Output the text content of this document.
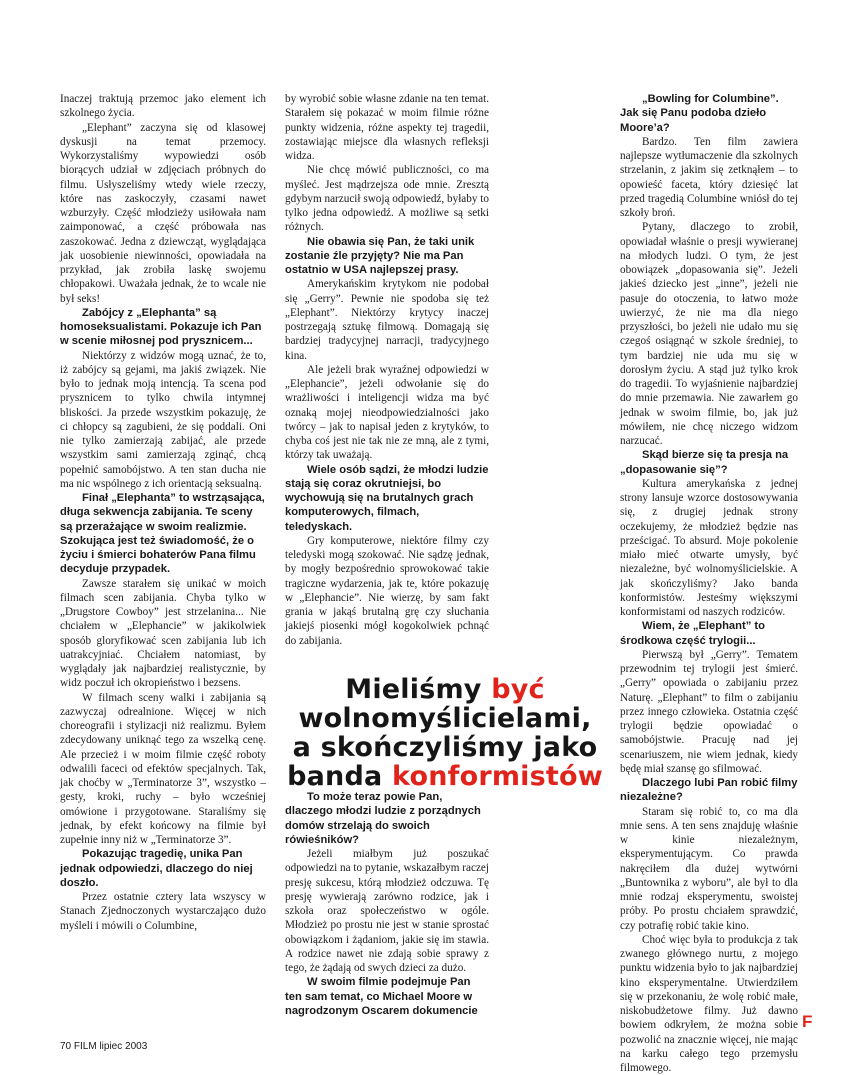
Inaczej traktują przemoc jako element ich szkolnego życia.

„Elephant” zaczyna się od klasowej dyskusji na temat przemocy. Wykorzystaliśmy wypowiedzi osób biorących udział w zdjęciach próbnych do filmu. Usłyszeliśmy wtedy wiele rzeczy, które nas zaskoczyły, czasami nawet wzburzyły. Część młodzieży usiłowała nam zaimponować, a część próbowała nas zaszokować. Jedna z dziewcząt, wyglądająca jak uosobienie niewinności, opowiadała na przykład, jak zrobiła laskę swojemu chłopakowi. Uważała jednak, że to wcale nie był seks!

Zabójcy z „Elephanta” są homoseksualistami. Pokazuje ich Pan w scenie miłosnej pod prysznicem...

Niektórzy z widzów mogą uznać, że to, iż zabójcy są gejami, ma jakiś związek. Nie było to jednak moją intencją. Ta scena pod prysznicem to tylko chwila intymnej bliskości. Ja przede wszystkim pokazuję, że ci chłopcy są zagubieni, że się poddali. Oni nie tylko zamierzają zabijać, ale przede wszystkim sami zamierzają zginąć, chcą popełnić samobójstwo. A ten stan ducha nie ma nic wspólnego z ich orientacją seksualną.

Finał „Elephanta” to wstrząsająca, długa sekwencja zabijania. Te sceny są przerażające w swoim realizmie. Szokująca jest też świadomość, że o życiu i śmierci bohaterów Pana filmu decyduje przypadek.

Zawsze starałem się unikać w moich filmach scen zabijania. Chyba tylko w „Drugstore Cowboy” jest strzelanina... Nie chciałem w „Elephancie” w jakikolwiek sposób gloryfikować scen zabijania lub ich uatrakcyjniać. Chciałem natomiast, by wyglądały jak najbardziej realistycznie, by widz poczuł ich okropieństwo i bezsens.

W filmach sceny walki i zabijania są zazwyczaj odrealnione. Więcej w nich choreografii i stylizacji niż realizmu. Byłem zdecydowany uniknąć tego za wszelką cenę. Ale przecież i w moim filmie część roboty odwalili faceci od efektów specjalnych. Tak, jak choćby w „Terminatorze 3”, wszystko – gesty, kroki, ruchy – było wcześniej omówione i przygotowane. Staraliśmy się jednak, by efekt końcowy na filmie był zupełnie inny niż w „Terminatorze 3”.

Pokazując tragedię, unika Pan jednak odpowiedzi, dlaczego do niej doszło.

Przez ostatnie cztery lata wszyscy w Stanach Zjednoczonych wystarczająco dużo myśleli i mówili o Columbine,

by wyrobić sobie własne zdanie na ten temat. Starałem się pokazać w moim filmie różne punkty widzenia, różne aspekty tej tragedii, zostawiając miejsce dla własnych refleksji widza.

Nie chcę mówić publiczności, co ma myśleć. Jest mądrzejsza ode mnie. Zresztą gdybym narzucił swoją odpowiedź, byłaby to tylko jedna odpowiedź. A możliwe są setki różnych.

Nie obawia się Pan, że taki unik zostanie źle przyjęty? Nie ma Pan ostatnio w USA najlepszej prasy.

Amerykańskim krytykom nie podobał się „Gerry”. Pewnie nie spodoba się też „Elephant”. Niektórzy krytycy inaczej postrzegają sztukę filmową. Domagają się bardziej tradycyjnej narracji, tradycyjnego kina.

Ale jeżeli brak wyraźnej odpowiedzi w „Elephancie”, jeżeli odwołanie się do wrażliwości i inteligencji widza ma być oznaką mojej nieodpowiedzialności jako twórcy – jak to napisał jeden z krytyków, to chyba coś jest nie tak nie ze mną, ale z tymi, którzy tak uważają.

Wiele osób sądzi, że młodzi ludzie stają się coraz okrutniejsi, bo wychowują się na brutalnych grach komputerowych, filmach, teledyskach.

Gry komputerowe, niektóre filmy czy teledyski mogą szokować. Nie sądzę jednak, by mogły bezpośrednio sprowokować takie tragiczne wydarzenia, jak te, które pokazuję w „Elephancie”. Nie wierzę, by sam fakt grania w jakąś brutalną grę czy słuchania jakiejś piosenki mógł kogokolwiek pchnąć do zabijania.

To może teraz powie Pan, dlaczego młodzi ludzie z porządnych domów strzelają do swoich rówieśników?

Jeżeli miałbym już poszukać odpowiedzi na to pytanie, wskazałbym raczej presję sukcesu, którą młodzież odczuwa. Tę presję wywierają zarówno rodzice, jak i szkoła oraz społeczeństwo w ogóle. Młodzież po prostu nie jest w stanie sprostać obowiązkom i żądaniom, jakie się im stawia. A rodzice nawet nie zdają sobie sprawy z tego, że żądają od swych dzieci za dużo.

W swoim filmie podejmuje Pan ten sam temat, co Michael Moore w nagrodzonym Oscarem dokumencie

„Bowling for Columbine”. Jak się Panu podoba dzieło Moore’a?

Bardzo. Ten film zawiera najlepsze wytłumaczenie dla szkolnych strzelanin, z jakim się zetknąłem – to opowieść faceta, który dziesięć lat przed tragedią Columbine wniósł do tej szkoły broń.

Pytany, dlaczego to zrobił, opowiadał właśnie o presji wywieranej na młodych ludzi. O tym, że jest obowiązek „dopasowania się”. Jeżeli jakieś dziecko jest „inne”, jeżeli nie pasuje do otoczenia, to łatwo może uwierzyć, że nie ma dla niego przyszłości, bo jeżeli nie udało mu się czegoś osiągnąć w szkole średniej, to tym bardziej nie uda mu się w dorosłym życiu. A stąd już tylko krok do tragedii. To wyjaśnienie najbardziej do mnie przemawia. Nie zawarłem go jednak w swoim filmie, bo, jak już mówiłem, nie chcę niczego widzom narzucać.

Skąd bierze się ta presja na „dopasowanie się”?

Kultura amerykańska z jednej strony lansuje wzorce dostosowywania się, z drugiej jednak strony oczekujemy, że młodzież będzie nas prześcigać. To absurd. Moje pokolenie miało mieć otwarte umysły, być niezależne, być wolnomyślicielskie. A jak skończyliśmy? Jako banda konformistów. Jesteśmy większymi konformistami od naszych rodziców.

Wiem, że „Elephant” to środkowa część trylogii...

Pierwszą był „Gerry”. Tematem przewodnim tej trylogii jest śmierć. „Gerry” opowiada o zabijaniu przez Naturę. „Elephant” to film o zabijaniu przez innego człowieka. Ostatnia część trylogii będzie opowiadać o samobójstwie. Pracuję nad jej scenariuszem, nie wiem jednak, kiedy będę miał szansę go sfilmować.

Dlaczego lubi Pan robić filmy niezależne?

Staram się robić to, co ma dla mnie sens. A ten sens znajduję właśnie w kinie niezależnym, eksperymentującym. Co prawda nakręciłem dla dużej wytwórni „Buntownika z wyboru”, ale był to dla mnie rodzaj eksperymentu, swoistej próby. Po prostu chciałem sprawdzić, czy potrafię robić takie kino.

Choć więc była to produkcja z tak zwanego głównego nurtu, z mojego punktu widzenia było to jak najbardziej kino eksperymentalne. Utwierdziłem się w przekonaniu, że wolę robić małe, niskobudżetowe filmy. Już dawno bowiem odkryłem, że można sobie pozwolić na znacznie więcej, nie mając na karku całego tego przemysłu filmowego.

Mieliśmy być wolnomyślicielami, a skończyliśmy jako banda konformistów
70 FILM lipiec 2003
F
